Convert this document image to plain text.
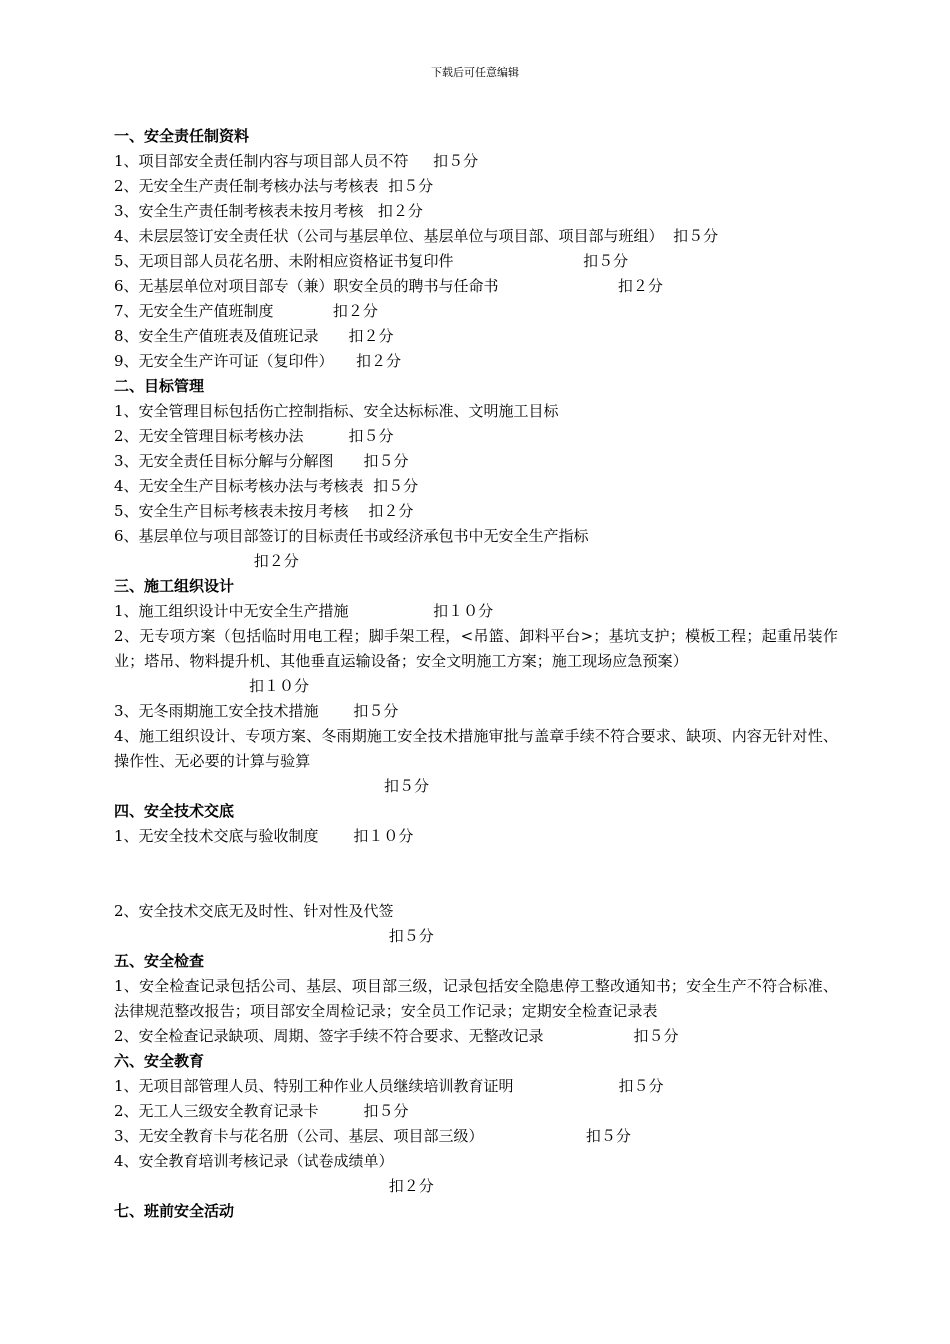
下载后可任意编辑
一、安全责任制资料
1、项目部安全责任制内容与项目部人员不符　  扣５分
2、无安全生产责任制考核办法与考核表  扣５分
3、安全生产责任制考核表未按月考核   扣２分
4、未层层签订安全责任状（公司与基层单位、基层单位与项目部、项目部与班组）  扣５分
5、无项目部人员花名册、未附相应资格证书复印件　　　　　　　　  扣５分
6、无基层单位对项目部专（兼）职安全员的聘书与任命书　　　　　　　   扣２分
7、无安全生产值班制度　　　   扣２分
8、安全生产值班表及值班记录　　扣２分
9、无安全生产许可证（复印件）　　扣２分
二、目标管理
1、安全管理目标包括伤亡控制指标、安全达标标准、文明施工目标
2、无安全管理目标考核办法　　　扣５分
3、无安全责任目标分解与分解图　　扣５分
4、无安全生产目标考核办法与考核表  扣５分
5、安全生产目标考核表未按月考核　 扣２分
6、基层单位与项目部签订的目标责任书或经济承包书中无安全生产指标
　　　　　　　　　 扣２分
三、施工组织设计
1、施工组织设计中无安全生产措施　　　　　  扣１０分
2、无专项方案（包括临时用电工程；脚手架工程，<吊篮、卸料平台>；基坑支护；模板工程；起重吊装作业；塔吊、物料提升机、其他垂直运输设备；安全文明施工方案；施工现场应急预案）
　　　　　　　　　扣１０分
3、无冬雨期施工安全技术措施　　 扣５分
4、施工组织设计、专项方案、冬雨期施工安全技术措施审批与盖章手续不符合要求、缺项、内容无针对性、操作性、无必要的计算与验算
　　　　　　　　　　　　　　　　　　扣５分
四、安全技术交底
1、无安全技术交底与验收制度　　 扣１０分
2、安全技术交底无及时性、针对性及代签
　　　　　　　　　　　　　　　　　　 扣５分
五、安全检查
1、安全检查记录包括公司、基层、项目部三级，记录包括安全隐患停工整改通知书；安全生产不符合标准、法律规范整改报告；项目部安全周检记录；安全员工作记录；定期安全检查记录表
2、安全检查记录缺项、周期、签字手续不符合要求、无整改记录　　　　　　扣５分
六、安全教育
1、无项目部管理人员、特别工种作业人员继续培训教育证明　　　　　　　扣５分
2、无工人三级安全教育记录卡　　　扣５分
3、无安全教育卡与花名册（公司、基层、项目部三级）　　　　　　　 扣５分
4、安全教育培训考核记录（试卷成绩单）
　　　　　　　　　　　　　　　　　　 扣２分
七、班前安全活动
